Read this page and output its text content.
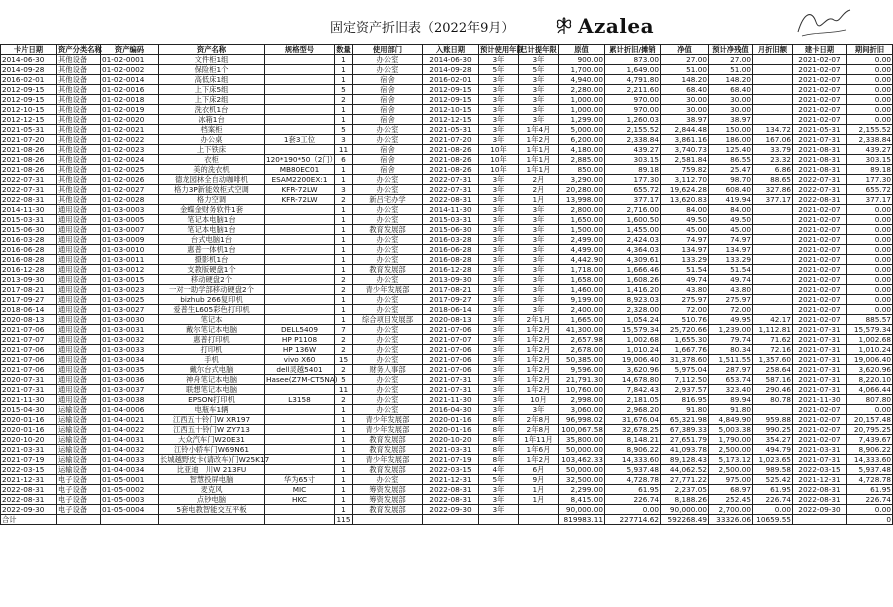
固定资产折旧表（2022年9月）	Azalea
卡片日期	资产分类名称	资产编码	资产名称	规格型号	数量	使用部门	入账日期	预计使用年限	已计提年限	原值	累计折旧/摊销	净值	预计净残值	月折旧额	建卡日期	期间折旧
2014-06-30	其他设备	01-02-0001	文件柜1组		1	办公室	2014-06-30	3年	3年	900.00	873.00	27.00	27.00		2021-02-07	0.00
2014-09-28	其他设备	01-02-0002	保险柜1个		1	办公室	2014-09-28	5年	5年	1,700.00	1,649.00	51.00	51.00		2021-02-07	0.00
2016-02-01	其他设备	01-02-0014	高低床1组		1	宿舍	2016-02-01	3年	3年	4,940.00	4,791.80	148.20	148.20		2021-02-07	0.00
2012-09-15	其他设备	01-02-0016	上下床5组		5	宿舍	2012-09-15	3年	3年	2,280.00	2,211.60	68.40	68.40		2021-02-07	0.00
2012-09-15	其他设备	01-02-0018	上下床2组		2	宿舍	2012-09-15	3年	3年	1,000.00	970.00	30.00	30.00		2021-02-07	0.00
2012-10-15	其他设备	01-02-0019	洗衣机1台		1	宿舍	2012-10-15	3年	3年	1,000.00	970.00	30.00	30.00		2021-02-07	0.00
2012-12-15	其他设备	01-02-0020	冰箱1台		1	宿舍	2012-12-15	3年	3年	1,299.00	1,260.03	38.97	38.97		2021-02-07	0.00
2021-05-31	其他设备	01-02-0021	档案柜		5	办公室	2021-05-31	3年	1年4月	5,000.00	2,155.52	2,844.48	150.00	134.72	2021-05-31	2,155.52
2021-07-20	其他设备	01-02-0022	办公桌	1套3工位	3	办公室	2021-07-20	3年	1年2月	6,200.00	2,338.84	3,861.16	186.00	167.06	2021-07-31	2,338.84
2021-08-26	其他设备	01-02-0023	上下铁床		11	宿舍	2021-08-26	10年	1年1月	4,180.00	439.27	3,740.73	125.40	33.79	2021-08-31	439.27
2021-08-26	其他设备	01-02-0024	衣柜	120*190*50（2门）	6	宿舍	2021-08-26	10年	1年1月	2,885.00	303.15	2,581.84	86.55	23.32	2021-08-31	303.15
2021-08-26	其他设备	01-02-0025	美的洗衣机	MB80EC01	1	宿舍	2021-08-26	10年	1年1月	850.00	89.18	759.82	25.47	6.86	2021-08-31	89.18
2022-07-31	其他设备	01-02-0026	德龙园林全自动咖啡机	ESAM2200EX:1	1	办公室	2022-07-31	3年	2月	3,290.00	177.30	3,112.70	98.70	88.65	2022-07-31	177.30
2022-07-31	其他设备	01-02-0027	格力3P新能效柜式空调	KFR-72LW	3	办公室	2022-07-31	3年	2月	20,280.00	655.72	19,624.28	608.40	327.86	2022-07-31	655.72
2022-08-31	其他设备	01-02-0028	格力空调	KFR-72LW	2	新吕宅办学	2022-08-31	3年	1月	13,998.00	377.17	13,620.83	419.94	377.17	2022-08-31	377.17
2014-11-30	通用设备	01-03-0003	金蝶金财务软件1套		1	办公室	2014-11-30	3年	3年	2,800.00	2,716.00	84.00	84.00		2021-02-07	0.00
2015-03-31	通用设备	01-03-0005	笔记本电脑1台		1	办公室	2015-03-31	3年	3年	1,650.00	1,600.50	49.50	49.50		2021-02-07	0.00
2015-06-30	通用设备	01-03-0007	笔记本电脑1台		1	教育发展部	2015-06-30	3年	3年	1,500.00	1,455.00	45.00	45.00		2021-02-07	0.00
2016-03-28	通用设备	01-03-0009	台式电脑1台		1	办公室	2016-03-28	3年	3年	2,499.00	2,424.03	74.97	74.97		2021-02-07	0.00
2016-06-28	通用设备	01-03-0010	惠普一体机1台		1	办公室	2016-06-28	3年	3年	4,499.00	4,364.03	134.97	134.97		2021-02-07	0.00
2016-08-28	通用设备	01-03-0011	摄影机1台		1	办公室	2016-08-28	3年	3年	4,442.90	4,309.61	133.29	133.29		2021-02-07	0.00
2016-12-28	通用设备	01-03-0012	支教版硬盘1个		1	教育发展部	2016-12-28	3年	3年	1,718.00	1,666.46	51.54	51.54		2021-02-07	0.00
2013-09-30	通用设备	01-03-0015	移动硬盘2个		2	办公室	2013-09-30	3年	3年	1,658.00	1,608.26	49.74	49.74		2021-02-07	0.00
2017-08-21	通用设备	01-03-0023	一对一助学部移动硬盘2个		2	青少年发展部	2017-08-21	3年	3年	1,460.00	1,416.20	43.80	43.80		2021-02-07	0.00
2017-09-27	通用设备	01-03-0025	bizhub 266复印机		1	办公室	2017-09-27	3年	3年	9,199.00	8,923.03	275.97	275.97		2021-02-07	0.00
2018-06-14	通用设备	01-03-0027	爱普生L605彩色打印机		1	办公室	2018-06-14	3年	3年	2,400.00	2,328.00	72.00	72.00		2021-02-07	0.00
2020-08-13	通用设备	01-03-0030	笔记本		1	综合项目发展部	2020-08-13	3年	2年1月	1,665.00	1,054.24	510.76	49.95	42.17	2021-02-07	885.57
2021-07-06	通用设备	01-03-0031	戴尔笔记本电脑	DELL5409	7	办公室	2021-07-06	3年	1年2月	41,300.00	15,579.34	25,720.66	1,239.00	1,112.81	2021-07-31	15,579.34
2021-07-07	通用设备	01-03-0032	惠普打印机	HP P1108	2	办公室	2021-07-07	3年	1年2月	2,657.98	1,002.68	1,655.30	79.74	71.62	2021-07-31	1,002.68
2021-07-06	通用设备	01-03-0033	打印机	HP 136W	2	办公室	2021-07-06	3年	1年2月	2,678.00	1,010.24	1,667.76	80.34	72.16	2021-07-31	1,010.24
2021-07-06	通用设备	01-03-0034	手机	vivo X60	15	办公室	2021-07-06	3年	1年2月	50,385.00	19,006.40	31,378.60	1,511.55	1,357.60	2021-07-31	19,006.40
2021-07-06	通用设备	01-03-0035	戴尔台式电脑	dell灵越5401	2	财务人事部	2021-07-06	3年	1年2月	9,596.00	3,620.96	5,975.04	287.97	258.64	2021-07-31	3,620.96
2020-07-31	通用设备	01-03-0036	神舟笔记本电脑	Hasee(Z7M-CT5NA)	5	办公室	2021-07-31	3年	1年2月	21,791.30	14,678.80	7,112.50	653.74	587.16	2021-07-31	8,220.10
2021-07-31	通用设备	01-03-0037	联想笔记本电脑		11	办公室	2021-07-31	3年	1年2月	10,760.00	7,842.43	2,937.57	323.40	290.46	2021-07-31	4,066.44
2021-11-30	通用设备	01-03-0038	EPSON打印机	L3158	2	办公室	2021-11-30	3年	10月	2,998.00	2,181.05	816.95	89.94	80.78	2021-11-30	807.80
2015-04-30	运输设备	01-04-0006	电瓶车1辆		1	办公室	2016-04-30	3年	3年	3,060.00	2,968.20	91.80	91.80		2021-02-07	0.00
2020-01-16	运输设备	01-04-0021	江西五十铃门W XR197		1	青少年发展部	2020-01-16	8年	2年8月	96,998.02	31,676.04	65,321.98	4,849.90	959.88	2021-02-07	20,157.48
2020-01-16	运输设备	01-04-0022	江西五十铃门W ZY713		1	青少年发展部	2020-01-16	8年	2年8月	100,067.58	32,678.25	67,389.33	5,003.38	990.25	2021-02-07	20,795.25
2020-10-20	运输设备	01-04-0031	大众汽车门W20E31		1	教育发展部	2020-10-20	8年	1年11月	35,800.00	8,148.21	27,651.79	1,790.00	354.27	2021-02-07	7,439.67
2021-03-31	运输设备	01-04-0032	江铃小轿车门W69N61		1	教育发展部	2021-03-31	8年	1年6月	50,000.00	8,906.22	41,093.78	2,500.00	494.79	2021-03-31	8,906.22
2021-07-19	运输设备	01-04-0033	长城越野皮卡(请改车)门W25K17		1	青少年发展部	2021-07-19	8年	1年2月	103,462.33	14,333.60	89,128.43	5,173.12	1,023.65	2021-07-31	14,333.60
2022-03-15	运输设备	01-04-0034	比亚迪　川W 213FU		1	教育发展部	2022-03-15	4年	6月	50,000.00	5,937.48	44,062.52	2,500.00	989.58	2022-03-15	5,937.48
2021-12-31	电子设备	01-05-0001	智慧投屏电脑	华为65寸	1	办公室	2021-12-31	5年	9月	32,500.00	4,728.78	27,771.22	975.00	525.42	2021-12-31	4,728.78
2022-08-31	电子设备	01-05-0002	麦克风	MIC	1	筹资发展部	2022-08-31	3年	1月	2,299.00	61.95	2,237.05	68.97	61.95	2022-08-31	61.95
2022-08-31	电子设备	01-05-0003	点钞电脑	HKC	1	筹资发展部	2022-08-31	3年	1月	8,415.00	226.74	8,188.26	252.45	226.74	2022-08-31	226.74
2022-09-30	电子设备	01-05-0004	5套电教智能交互平板		1	教育发展部	2022-09-30	3年		90,000.00	0.00	90,000.00	2,700.00	0.00	2022-09-30	0.00
合计					115					819983.11	227714.62	592268.49	33326.06	10659.55		0
